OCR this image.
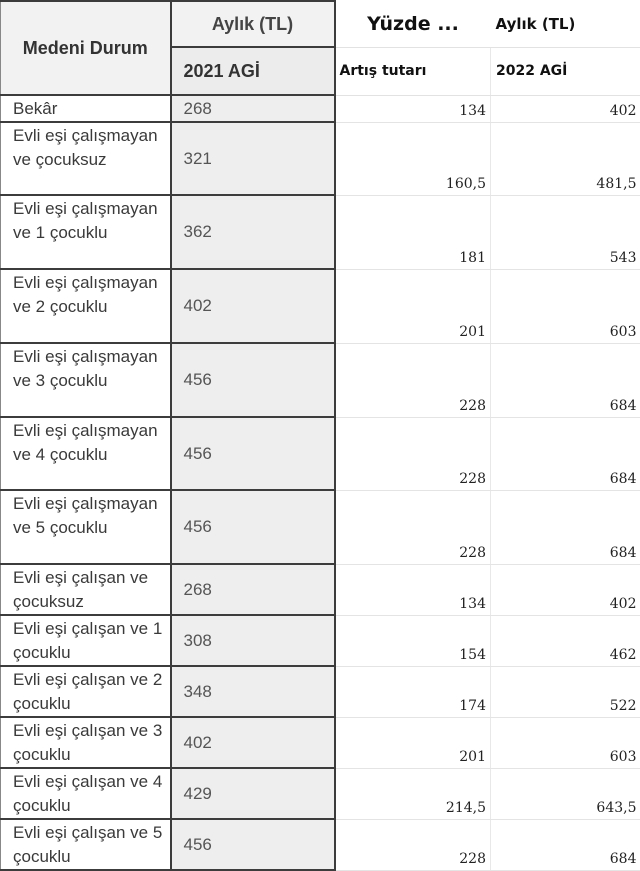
Medeni Durum	Aylık (TL)	Yüzde ...	Aylık (TL)
	2021 AGİ	Artış tutarı	2022 AGİ
Bekâr	268	134	402
Evli eşi çalışmayan ve çocuksuz	321	160,5	481,5
Evli eşi çalışmayan ve 1 çocuklu	362	181	543
Evli eşi çalışmayan ve 2 çocuklu	402	201	603
Evli eşi çalışmayan ve 3 çocuklu	456	228	684
Evli eşi çalışmayan ve 4 çocuklu	456	228	684
Evli eşi çalışmayan ve 5 çocuklu	456	228	684
Evli eşi çalışan ve çocuksuz	268	134	402
Evli eşi çalışan ve 1 çocuklu	308	154	462
Evli eşi çalışan ve 2 çocuklu	348	174	522
Evli eşi çalışan ve 3 çocuklu	402	201	603
Evli eşi çalışan ve 4 çocuklu	429	214,5	643,5
Evli eşi çalışan ve 5 çocuklu	456	228	684
